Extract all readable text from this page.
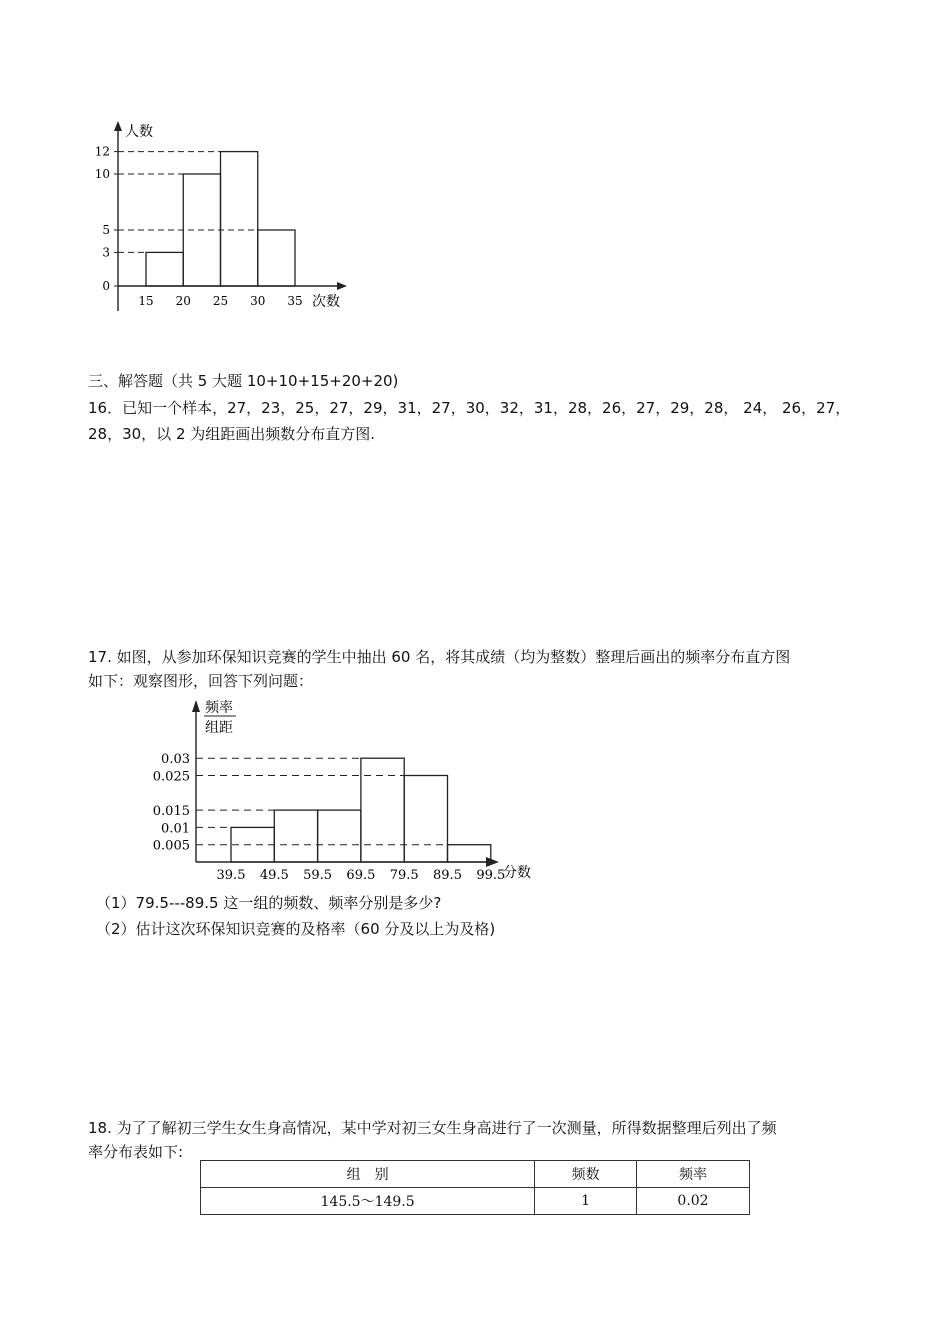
人数
次数
0
3
5
10
12
15 20 25 30 35
三、解答题（共 5 大题 10+10+15+20+20)
16．已知一个样本，27，23，25，27，29，31，27，30，32，31，28，26，27，29，28， 24， 26，27，
28，30，以 2 为组距画出频数分布直方图.
17. 如图，从参加环保知识竞赛的学生中抽出 60 名，将其成绩（均为整数）整理后画出的频率分布直方图
如下：观察图形，回答下列问题：
频率
组距
分数
0.005
0.01
0.015
0.025
0.03
39.5 49.5 59.5 69.5 79.5 89.5 99.5
（1）79.5---89.5 这一组的频数、频率分别是多少?
（2）估计这次环保知识竞赛的及格率（60 分及以上为及格)
18. 为了了解初三学生女生身高情况，某中学对初三女生身高进行了一次测量，所得数据整理后列出了频
率分布表如下:
组　别	频数	频率
145.5～149.5	1	0.02
